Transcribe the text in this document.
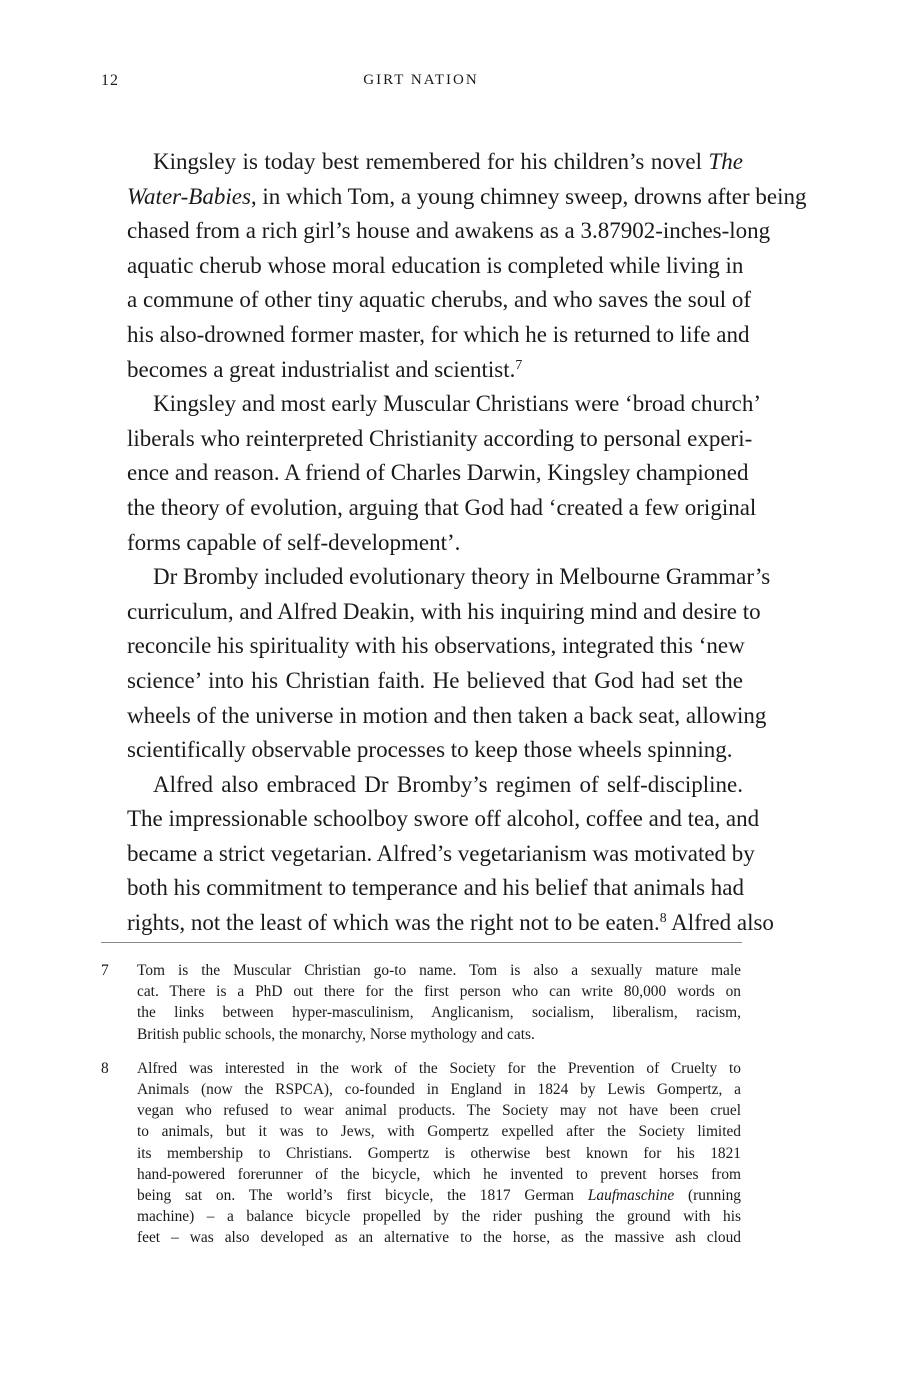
12	GIRT NATION

Kingsley is today best remembered for his children’s novel The
Water-Babies, in which Tom, a young chimney sweep, drowns after being
chased from a rich girl’s house and awakens as a 3.87902-inches-long
aquatic cherub whose moral education is completed while living in
a commune of other tiny aquatic cherubs, and who saves the soul of
his also-drowned former master, for which he is returned to life and
becomes a great industrialist and scientist.$^7$

Kingsley and most early Muscular Christians were ‘broad church’
liberals who reinterpreted Christianity according to personal experi-
ence and reason. A friend of Charles Darwin, Kingsley championed
the theory of evolution, arguing that God had ‘created a few original
forms capable of self-development’.

Dr Bromby included evolutionary theory in Melbourne Grammar’s
curriculum, and Alfred Deakin, with his inquiring mind and desire to
reconcile his spirituality with his observations, integrated this ‘new
science’ into his Christian faith. He believed that God had set the
wheels of the universe in motion and then taken a back seat, allowing
scientifically observable processes to keep those wheels spinning.

Alfred also embraced Dr Bromby’s regimen of self-discipline.
The impressionable schoolboy swore off alcohol, coffee and tea, and
became a strict vegetarian. Alfred’s vegetarianism was motivated by
both his commitment to temperance and his belief that animals had
rights, not the least of which was the right not to be eaten.$^8$ Alfred also

7 Tom is the Muscular Christian go-to name. Tom is also a sexually mature male
cat. There is a PhD out there for the first person who can write 80,000 words on
the links between hyper-masculinism, Anglicanism, socialism, liberalism, racism,
British public schools, the monarchy, Norse mythology and cats.
8 Alfred was interested in the work of the Society for the Prevention of Cruelty to
Animals (now the RSPCA), co-founded in England in 1824 by Lewis Gompertz, a
vegan who refused to wear animal products. The Society may not have been cruel
to animals, but it was to Jews, with Gompertz expelled after the Society limited
its membership to Christians. Gompertz is otherwise best known for his 1821
hand-powered forerunner of the bicycle, which he invented to prevent horses from
being sat on. The world’s first bicycle, the 1817 German Laufmaschine (running
machine) – a balance bicycle propelled by the rider pushing the ground with his
feet – was also developed as an alternative to the horse, as the massive ash cloud
